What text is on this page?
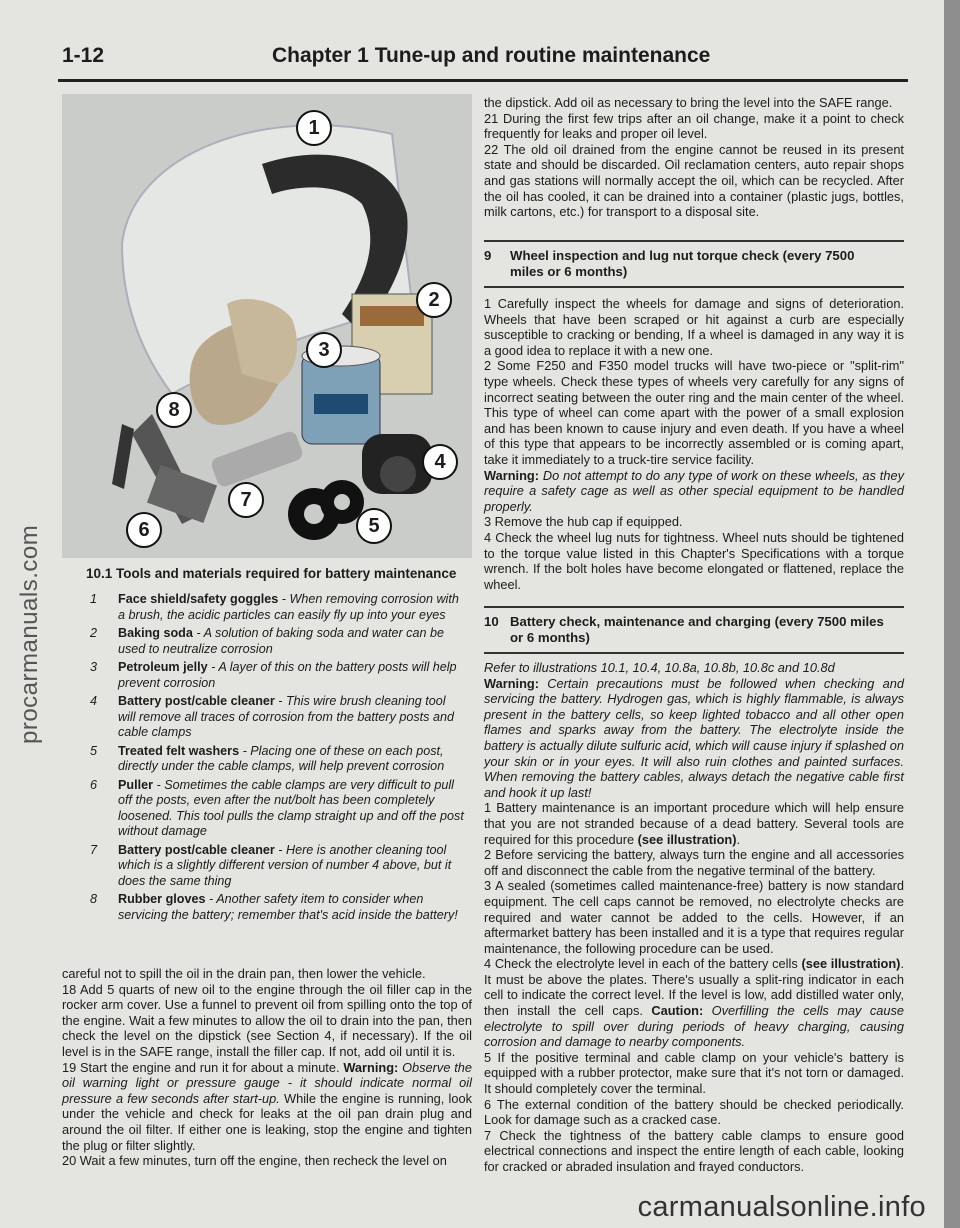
1-12	Chapter 1 Tune-up and routine maintenance
1
2
3
4
5
6
7
8
10.1 Tools and materials required for battery maintenance
1 Face shield/safety goggles - When removing corrosion with a brush, the acidic particles can easily fly up into your eyes
2 Baking soda - A solution of baking soda and water can be used to neutralize corrosion
3 Petroleum jelly - A layer of this on the battery posts will help prevent corrosion
4 Battery post/cable cleaner - This wire brush cleaning tool will remove all traces of corrosion from the battery posts and cable clamps
5 Treated felt washers - Placing one of these on each post, directly under the cable clamps, will help prevent corrosion
6 Puller - Sometimes the cable clamps are very difficult to pull off the posts, even after the nut/bolt has been completely loosened. This tool pulls the clamp straight up and off the post without damage
7 Battery post/cable cleaner - Here is another cleaning tool which is a slightly different version of number 4 above, but it does the same thing
8 Rubber gloves - Another safety item to consider when servicing the battery; remember that's acid inside the battery!

careful not to spill the oil in the drain pan, then lower the vehicle.

18 Add 5 quarts of new oil to the engine through the oil filler cap in the rocker arm cover. Use a funnel to prevent oil from spilling onto the top of the engine. Wait a few minutes to allow the oil to drain into the pan, then check the level on the dipstick (see Section 4, if necessary). If the oil level is in the SAFE range, install the filler cap. If not, add oil until it is.

19 Start the engine and run it for about a minute. Warning: Observe the oil warning light or pressure gauge - it should indicate normal oil pressure a few seconds after start-up. While the engine is running, look under the vehicle and check for leaks at the oil pan drain plug and around the oil filter. If either one is leaking, stop the engine and tighten the plug or filter slightly.

20 Wait a few minutes, turn off the engine, then recheck the level on

the dipstick. Add oil as necessary to bring the level into the SAFE range.

21 During the first few trips after an oil change, make it a point to check frequently for leaks and proper oil level.

22 The old oil drained from the engine cannot be reused in its present state and should be discarded. Oil reclamation centers, auto repair shops and gas stations will normally accept the oil, which can be recycled. After the oil has cooled, it can be drained into a container (plastic jugs, bottles, milk cartons, etc.) for transport to a disposal site.

9 Wheel inspection and lug nut torque check (every 7500 miles or 6 months)

1 Carefully inspect the wheels for damage and signs of deterioration. Wheels that have been scraped or hit against a curb are especially susceptible to cracking or bending, If a wheel is damaged in any way it is a good idea to replace it with a new one.

2 Some F250 and F350 model trucks will have two-piece or "split-rim" type wheels. Check these types of wheels very carefully for any signs of incorrect seating between the outer ring and the main center of the wheel. This type of wheel can come apart with the power of a small explosion and has been known to cause injury and even death. If you have a wheel of this type that appears to be incorrectly assembled or is coming apart, take it immediately to a truck-tire service facility.

Warning: Do not attempt to do any type of work on these wheels, as they require a safety cage as well as other special equipment to be handled properly.

3 Remove the hub cap if equipped.

4 Check the wheel lug nuts for tightness. Wheel nuts should be tightened to the torque value listed in this Chapter's Specifications with a torque wrench. If the bolt holes have become elongated or flattened, replace the wheel.

10 Battery check, maintenance and charging (every 7500 miles or 6 months)

Refer to illustrations 10.1, 10.4, 10.8a, 10.8b, 10.8c and 10.8d

Warning: Certain precautions must be followed when checking and servicing the battery. Hydrogen gas, which is highly flammable, is always present in the battery cells, so keep lighted tobacco and all other open flames and sparks away from the battery. The electrolyte inside the battery is actually dilute sulfuric acid, which will cause injury if splashed on your skin or in your eyes. It will also ruin clothes and painted surfaces. When removing the battery cables, always detach the negative cable first and hook it up last!

1 Battery maintenance is an important procedure which will help ensure that you are not stranded because of a dead battery. Several tools are required for this procedure (see illustration).

2 Before servicing the battery, always turn the engine and all accessories off and disconnect the cable from the negative terminal of the battery.

3 A sealed (sometimes called maintenance-free) battery is now standard equipment. The cell caps cannot be removed, no electrolyte checks are required and water cannot be added to the cells. However, if an aftermarket battery has been installed and it is a type that requires regular maintenance, the following procedure can be used.

4 Check the electrolyte level in each of the battery cells (see illustration). It must be above the plates. There's usually a split-ring indicator in each cell to indicate the correct level. If the level is low, add distilled water only, then install the cell caps. Caution: Overfilling the cells may cause electrolyte to spill over during periods of heavy charging, causing corrosion and damage to nearby components.

5 If the positive terminal and cable clamp on your vehicle's battery is equipped with a rubber protector, make sure that it's not torn or damaged. It should completely cover the terminal.

6 The external condition of the battery should be checked periodically. Look for damage such as a cracked case.

7 Check the tightness of the battery cable clamps to ensure good electrical connections and inspect the entire length of each cable, looking for cracked or abraded insulation and frayed conductors.

procarmanuals.com
carmanualsonline.info
